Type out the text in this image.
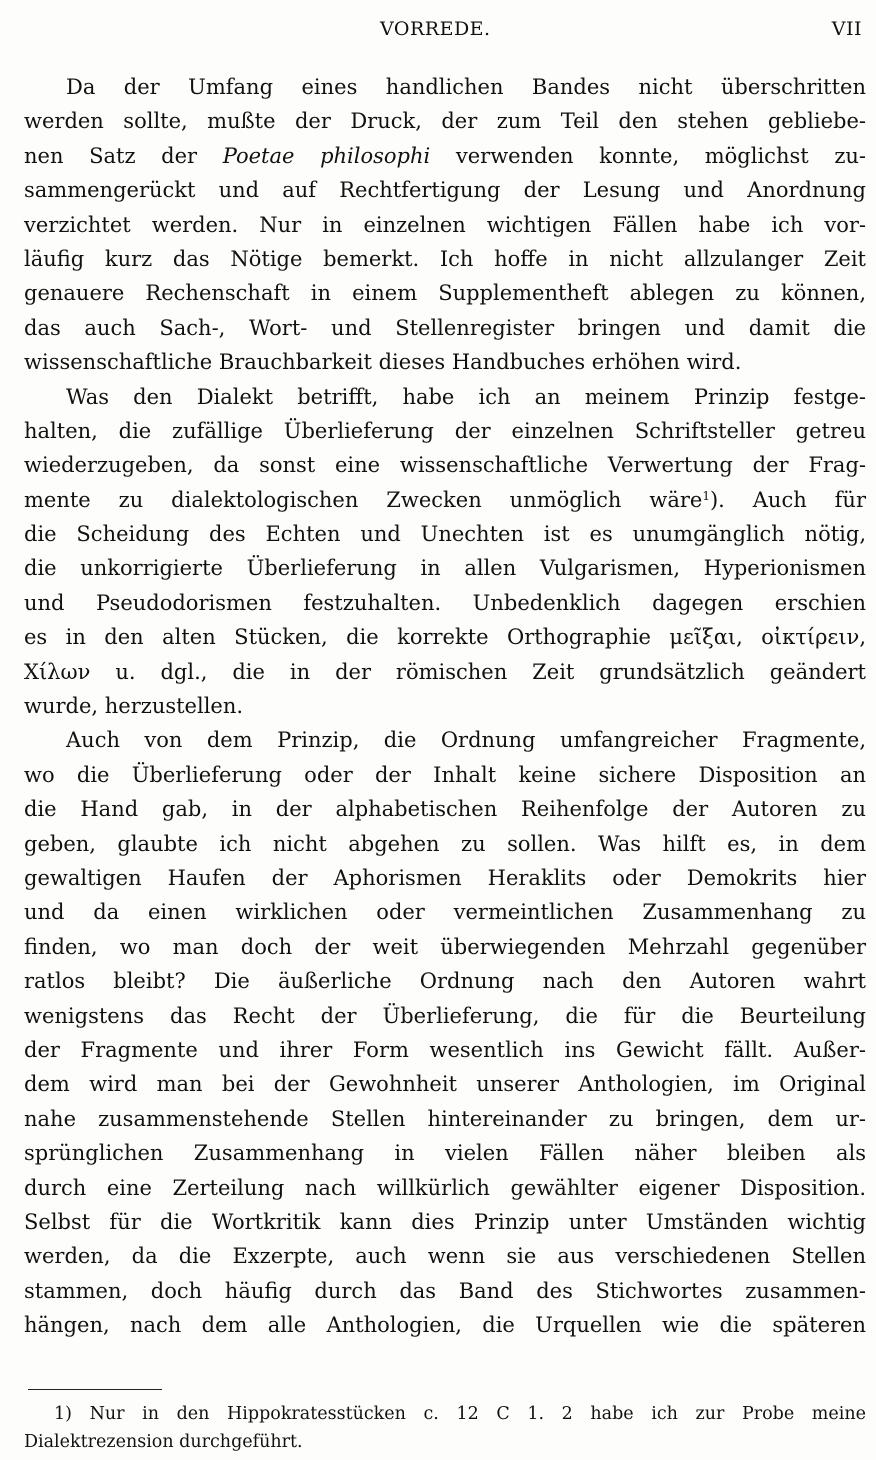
VORREDE.	VII
Da der Umfang eines handlichen Bandes nicht überschritten
werden sollte, mußte der Druck, der zum Teil den stehen gebliebe-
nen Satz der Poetae philosophi verwenden konnte, möglichst zu-
sammengerückt und auf Rechtfertigung der Lesung und Anordnung
verzichtet werden. Nur in einzelnen wichtigen Fällen habe ich vor-
läufig kurz das Nötige bemerkt. Ich hoffe in nicht allzulanger Zeit
genauere Rechenschaft in einem Supplementheft ablegen zu können,
das auch Sach-, Wort- und Stellenregister bringen und damit die
wissenschaftliche Brauchbarkeit dieses Handbuches erhöhen wird.
Was den Dialekt betrifft, habe ich an meinem Prinzip festge-
halten, die zufällige Überlieferung der einzelnen Schriftsteller getreu
wiederzugeben, da sonst eine wissenschaftliche Verwertung der Frag-
mente zu dialektologischen Zwecken unmöglich wäre$^1$). Auch für
die Scheidung des Echten und Unechten ist es unumgänglich nötig,
die unkorrigierte Überlieferung in allen Vulgarismen, Hyperionismen
und Pseudodorismen festzuhalten. Unbedenklich dagegen erschien
es in den alten Stücken, die korrekte Orthographie μεῖξαι, οἰκτίρειν,
Χίλων u. dgl., die in der römischen Zeit grundsätzlich geändert
wurde, herzustellen.
Auch von dem Prinzip, die Ordnung umfangreicher Fragmente,
wo die Überlieferung oder der Inhalt keine sichere Disposition an
die Hand gab, in der alphabetischen Reihenfolge der Autoren zu
geben, glaubte ich nicht abgehen zu sollen. Was hilft es, in dem
gewaltigen Haufen der Aphorismen Heraklits oder Demokrits hier
und da einen wirklichen oder vermeintlichen Zusammenhang zu
finden, wo man doch der weit überwiegenden Mehrzahl gegenüber
ratlos bleibt? Die äußerliche Ordnung nach den Autoren wahrt
wenigstens das Recht der Überlieferung, die für die Beurteilung
der Fragmente und ihrer Form wesentlich ins Gewicht fällt. Außer-
dem wird man bei der Gewohnheit unserer Anthologien, im Original
nahe zusammenstehende Stellen hintereinander zu bringen, dem ur-
sprünglichen Zusammenhang in vielen Fällen näher bleiben als
durch eine Zerteilung nach willkürlich gewählter eigener Disposition.
Selbst für die Wortkritik kann dies Prinzip unter Umständen wichtig
werden, da die Exzerpte, auch wenn sie aus verschiedenen Stellen
stammen, doch häufig durch das Band des Stichwortes zusammen-
hängen, nach dem alle Anthologien, die Urquellen wie die späteren
1) Nur in den Hippokratesstücken c. 12 C 1. 2 habe ich zur Probe meine
Dialektrezension durchgeführt.
